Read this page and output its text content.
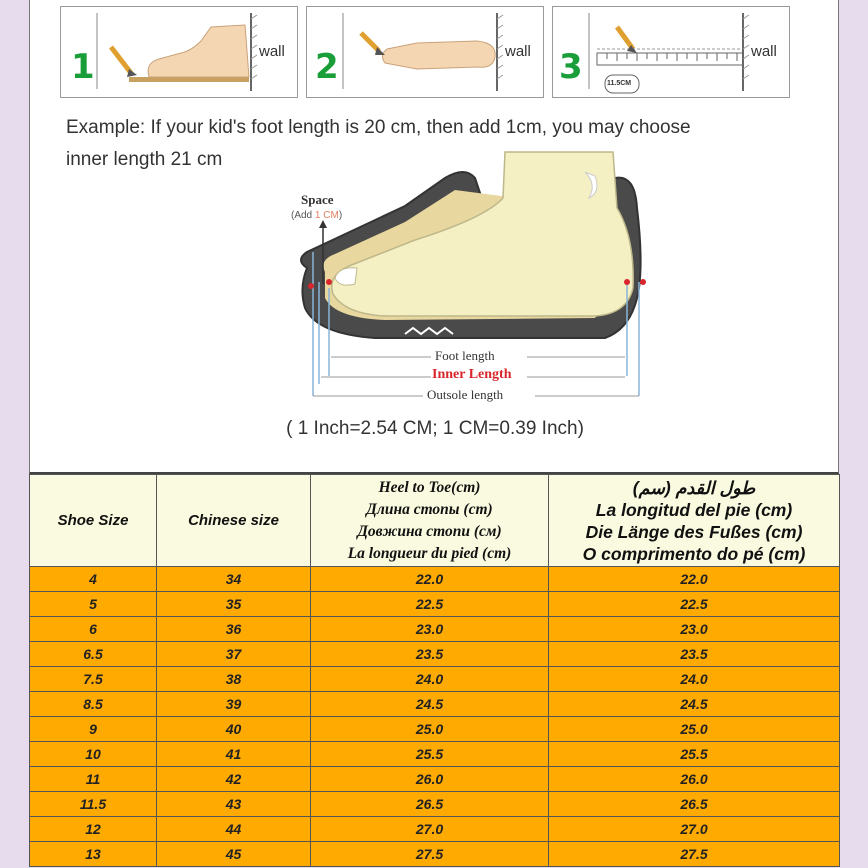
1	wall 2	wall 3	11.5CM
wall
Example: If your kid's foot length is 20 cm, then add 1cm, you may choose
inner length 21 cm
Space
(Add 1 CM)
Foot length
Inner Length
Outsole length
( 1 Inch=2.54 CM; 1 CM=0.39 Inch)
Shoe Size	Chinese size	Heel to Toe(cm)
Длина стопы (cm)
Довжина стопи (см)
La longueur du pied (cm)	(طول القدم (سم
La longitud del pie (cm)
Die Länge des Fußes (cm)
O comprimento do pé (cm)

4	34	22.0	22.0
5	35	22.5	22.5
6	36	23.0	23.0
6.5	37	23.5	23.5
7.5	38	24.0	24.0
8.5	39	24.5	24.5
9	40	25.0	25.0
10	41	25.5	25.5
11	42	26.0	26.0
11.5	43	26.5	26.5
12	44	27.0	27.0
13	45	27.5	27.5
